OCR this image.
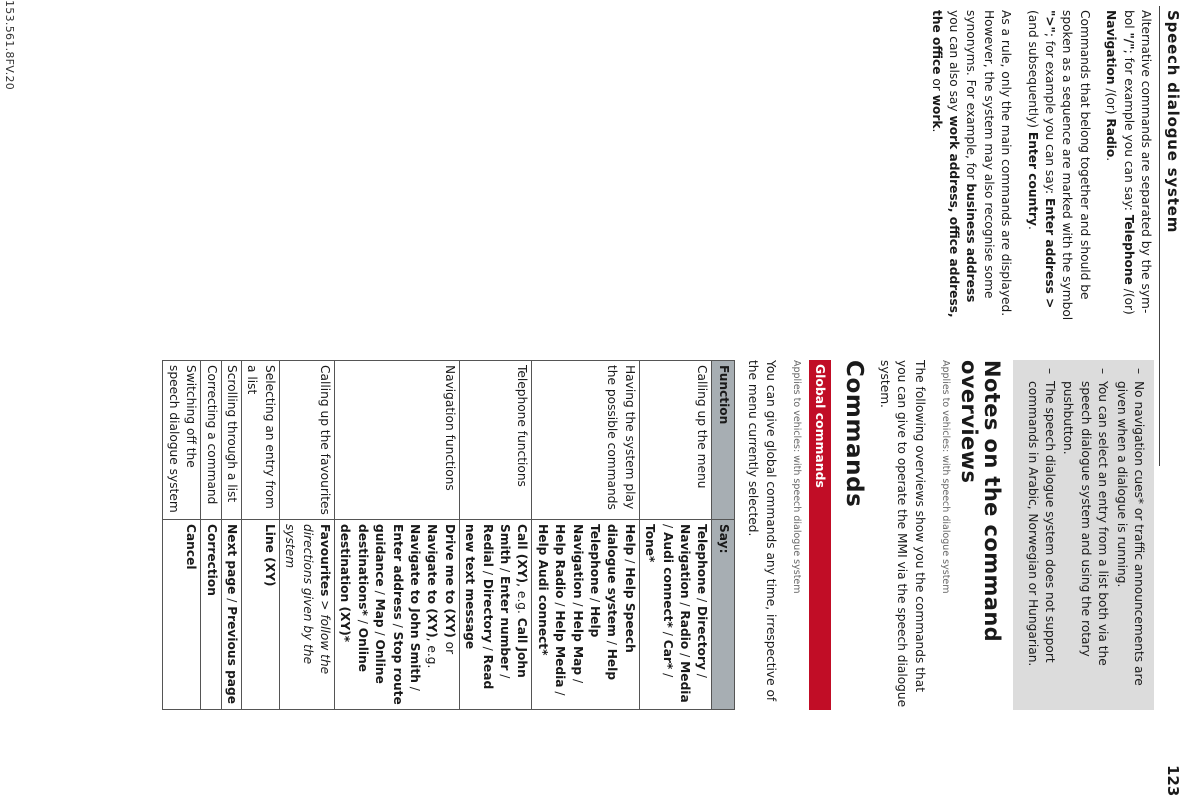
Speech dialogue system
123
153.561.8FV.20	Alternative commands are separated by the symbol "/"; for example you can say: Telephone /(or) Navigation /(or) Radio.

Commands that belong together and should be spoken as a sequence are marked with the symbol ">"; for example you can say: Enter address > (and subsequently) Enter country.

As a rule, only the main commands are displayed. However, the system may also recognise some synonyms. For example, for business address you can also say work address, office address, the office or work.

– No navigation cues* or traffic announcements are given when a dialogue is running.
– You can select an entry from a list both via the speech dialogue system and using the rotary pushbutton.
– The speech dialogue system does not support commands in Arabic, Norwegian or Hungarian.
Notes on the command overviews

Applies to vehicles: with speech dialogue system

The following overviews show you the commands that you can give to operate the MMI via the speech dialogue system.

Commands
Global commands

Applies to vehicles: with speech dialogue system

You can give global commands any time, irrespective of the menu currently selected.

Function	Say:
Calling up the menu	Telephone / Directory / Navigation / Radio / Media / Audi connect* / Car* / Tone*
Having the system play the possible commands	Help / Help Speech dialogue system / Help Telephone / Help Navigation / Help Map / Help Radio / Help Media / Help Audi connect*
Telephone functions	Call (XY), e.g. Call John Smith / Enter number / Redial / Directory / Read new text message
Navigation functions	Drive me to (XY) or Navigate to (XY), e.g. Navigate to John Smith / Enter address / Stop route guidance / Map / Online destinations* / Online destination (XY)*
Calling up the favourites	Favourites > follow the directions given by the system
Selecting an entry from a list	Line (XY)
Scrolling through a list	Next page / Previous page
Correcting a command	Correction
Switching off the speech dialogue system	Cancel
